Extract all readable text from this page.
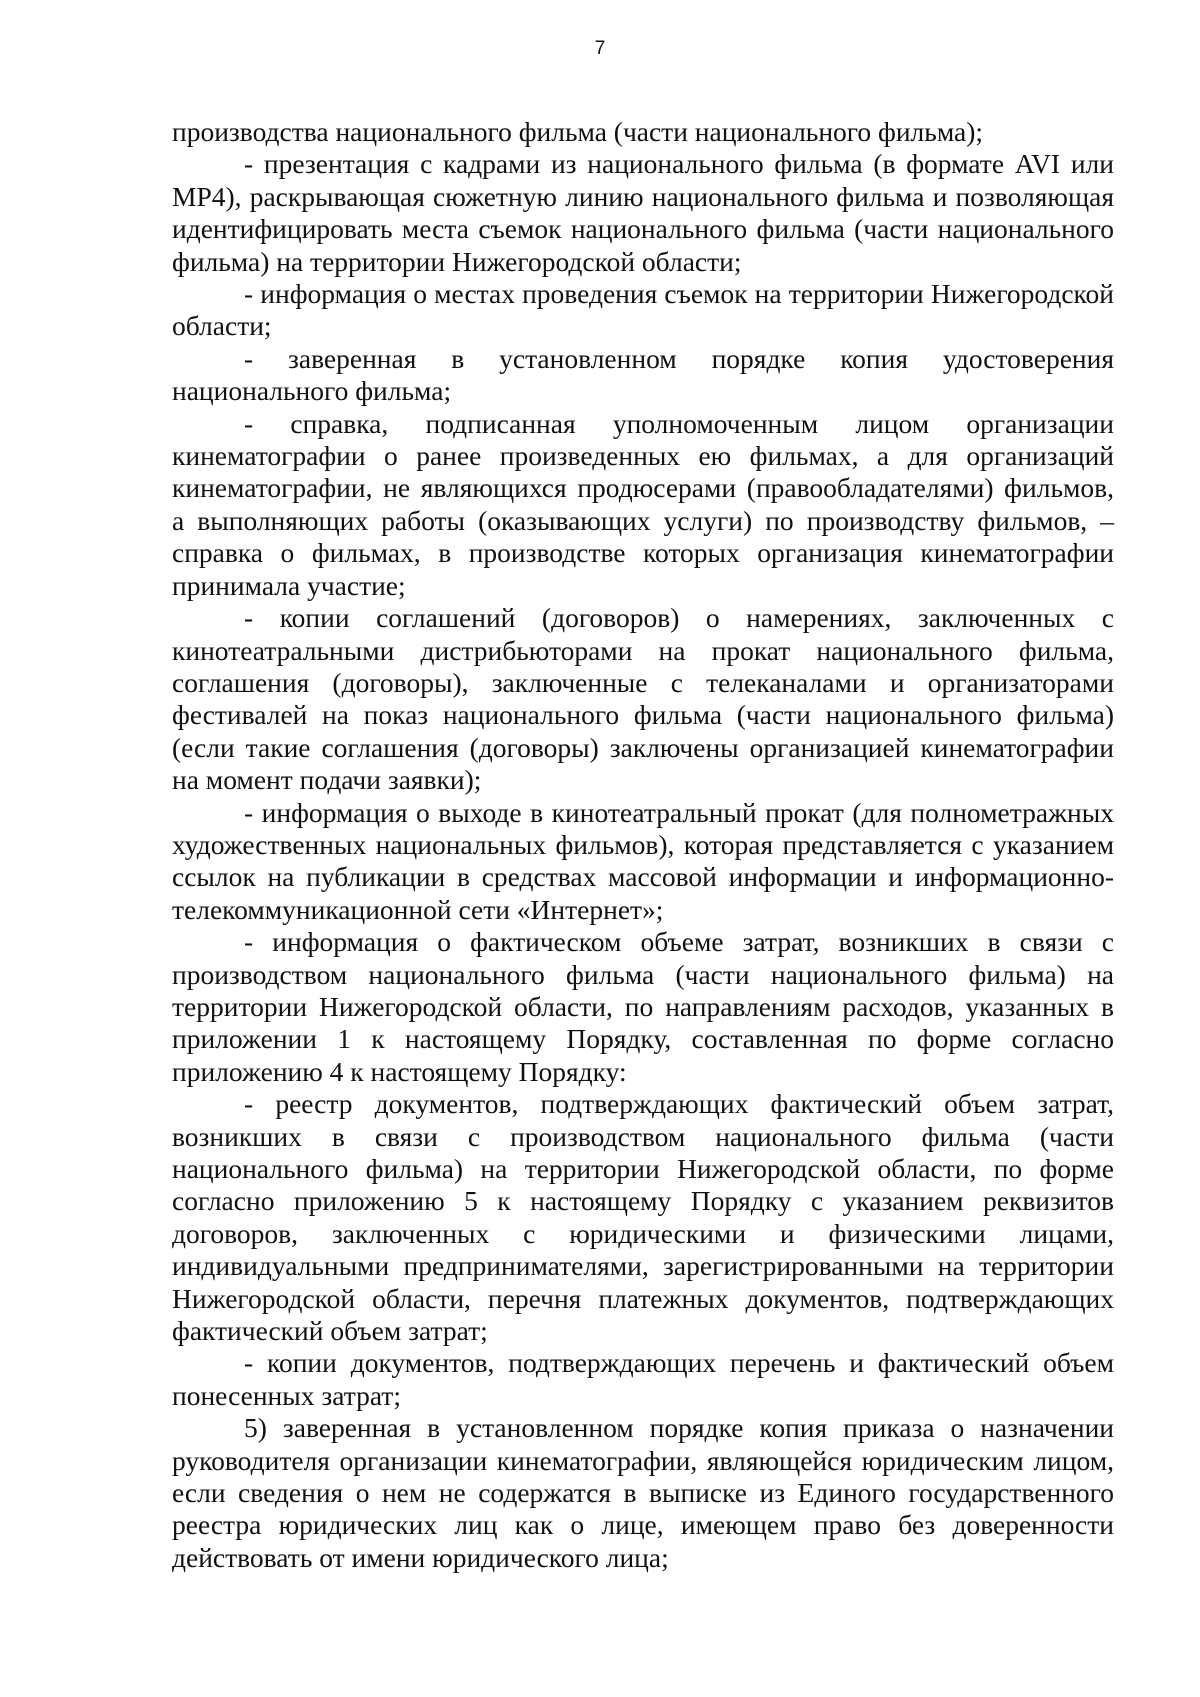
7

производства национального фильма (части национального фильма);

- презентация с кадрами из национального фильма (в формате AVI или MP4), раскрывающая сюжетную линию национального фильма и позволяющая идентифицировать места съемок национального фильма (части национального фильма) на территории Нижегородской области;

- информация о местах проведения съемок на территории Нижегородской области;

- заверенная в установленном порядке копия удостоверения национального фильма;

- справка, подписанная уполномоченным лицом организации кинематографии о ранее произведенных ею фильмах, а для организаций кинематографии, не являющихся продюсерами (правообладателями) фильмов, а выполняющих работы (оказывающих услуги) по производству фильмов, – справка о фильмах, в производстве которых организация кинематографии принимала участие;

- копии соглашений (договоров) о намерениях, заключенных с кинотеатральными дистрибьюторами на прокат национального фильма, соглашения (договоры), заключенные с телеканалами и организаторами фестивалей на показ национального фильма (части национального фильма) (если такие соглашения (договоры) заключены организацией кинематографии на момент подачи заявки);

- информация о выходе в кинотеатральный прокат (для полнометражных художественных национальных фильмов), которая представляется с указанием ссылок на публикации в средствах массовой информации и информационно-телекоммуникационной сети «Интернет»;

- информация о фактическом объеме затрат, возникших в связи с производством национального фильма (части национального фильма) на территории Нижегородской области, по направлениям расходов, указанных в приложении 1 к настоящему Порядку, составленная по форме согласно приложению 4 к настоящему Порядку:

- реестр документов, подтверждающих фактический объем затрат, возникших в связи с производством национального фильма (части национального фильма) на территории Нижегородской области, по форме согласно приложению 5 к настоящему Порядку с указанием реквизитов договоров, заключенных с юридическими и физическими лицами, индивидуальными предпринимателями, зарегистрированными на территории Нижегородской области, перечня платежных документов, подтверждающих фактический объем затрат;

- копии документов, подтверждающих перечень и фактический объем понесенных затрат;

5) заверенная в установленном порядке копия приказа о назначении руководителя организации кинематографии, являющейся юридическим лицом, если сведения о нем не содержатся в выписке из Единого государственного реестра юридических лиц как о лице, имеющем право без доверенности действовать от имени юридического лица;
